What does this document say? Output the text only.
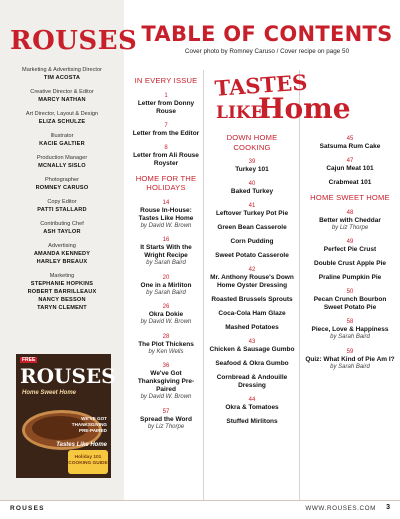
ROUSES
Marketing & Advertising Director
TIM ACOSTA
Creative Director & Editor
MARCY NATHAN
Art Director, Layout & Design
ELIZA SCHULZE
Illustrator
KACIE GALTIER
Production Manager
MCNALLY SISLO
Photographer
ROMNEY CARUSO
Copy Editor
PATTI STALLARD
Contributing Chef
ASH TAYLOR
Advertising
AMANDA KENNEDY
HARLEY BREAUX
Marketing
STEPHANIE HOPKINS
ROBERT BARRILLEAUX
NANCY BESSON
TARYN CLEMENT
FREE
ROUSES
Home Sweet Home
WE'VE GOT THANKSGIVING PRE-PAIRED
Tastes Like Home
Holiday 101 COOKING GUIDE
TABLE OF CONTENTS
Cover photo by Romney Caruso / Cover recipe on page 50
TASTES
LIKE
Home
IN EVERY ISSUE
1
Letter from Donny Rouse
7
Letter from the Editor
8
Letter from Ali Rouse Royster
HOME FOR THE HOLIDAYS
14
Rouse In-House: Tastes Like Home
by David W. Brown
16
It Starts With the Wright Recipe
by Sarah Baird
20
One in a Mirliton
by Sarah Baird
26
Okra Dokie
by David W. Brown
28
The Plot Thickens
by Ken Wells
36
We've Got Thanksgiving Pre-Paired
by David W. Brown
57
Spread the Word
by Liz Thorpe
DOWN HOME COOKING
39
Turkey 101
40
Baked Turkey
41
Leftover Turkey Pot Pie
Green Bean Casserole
Corn Pudding
Sweet Potato Casserole
42
Mr. Anthony Rouse's Down Home Oyster Dressing
Roasted Brussels Sprouts
Coca-Cola Ham Glaze
Mashed Potatoes
43
Chicken & Sausage Gumbo
Seafood & Okra Gumbo
Cornbread & Andouille Dressing
44
Okra & Tomatoes
Stuffed Mirlitons
45
Satsuma Rum Cake
47
Cajun Meat 101
Crabmeat 101
HOME SWEET HOME
48
Better with Cheddar
by Liz Thorpe
49
Perfect Pie Crust
Double Crust Apple Pie
Praline Pumpkin Pie
50
Pecan Crunch Bourbon Sweet Potato Pie
58
Piece, Love & Happiness
by Sarah Baird
59
Quiz: What Kind of Pie Am I?
by Sarah Baird
ROUSES	WWW.ROUSES.COM 3
